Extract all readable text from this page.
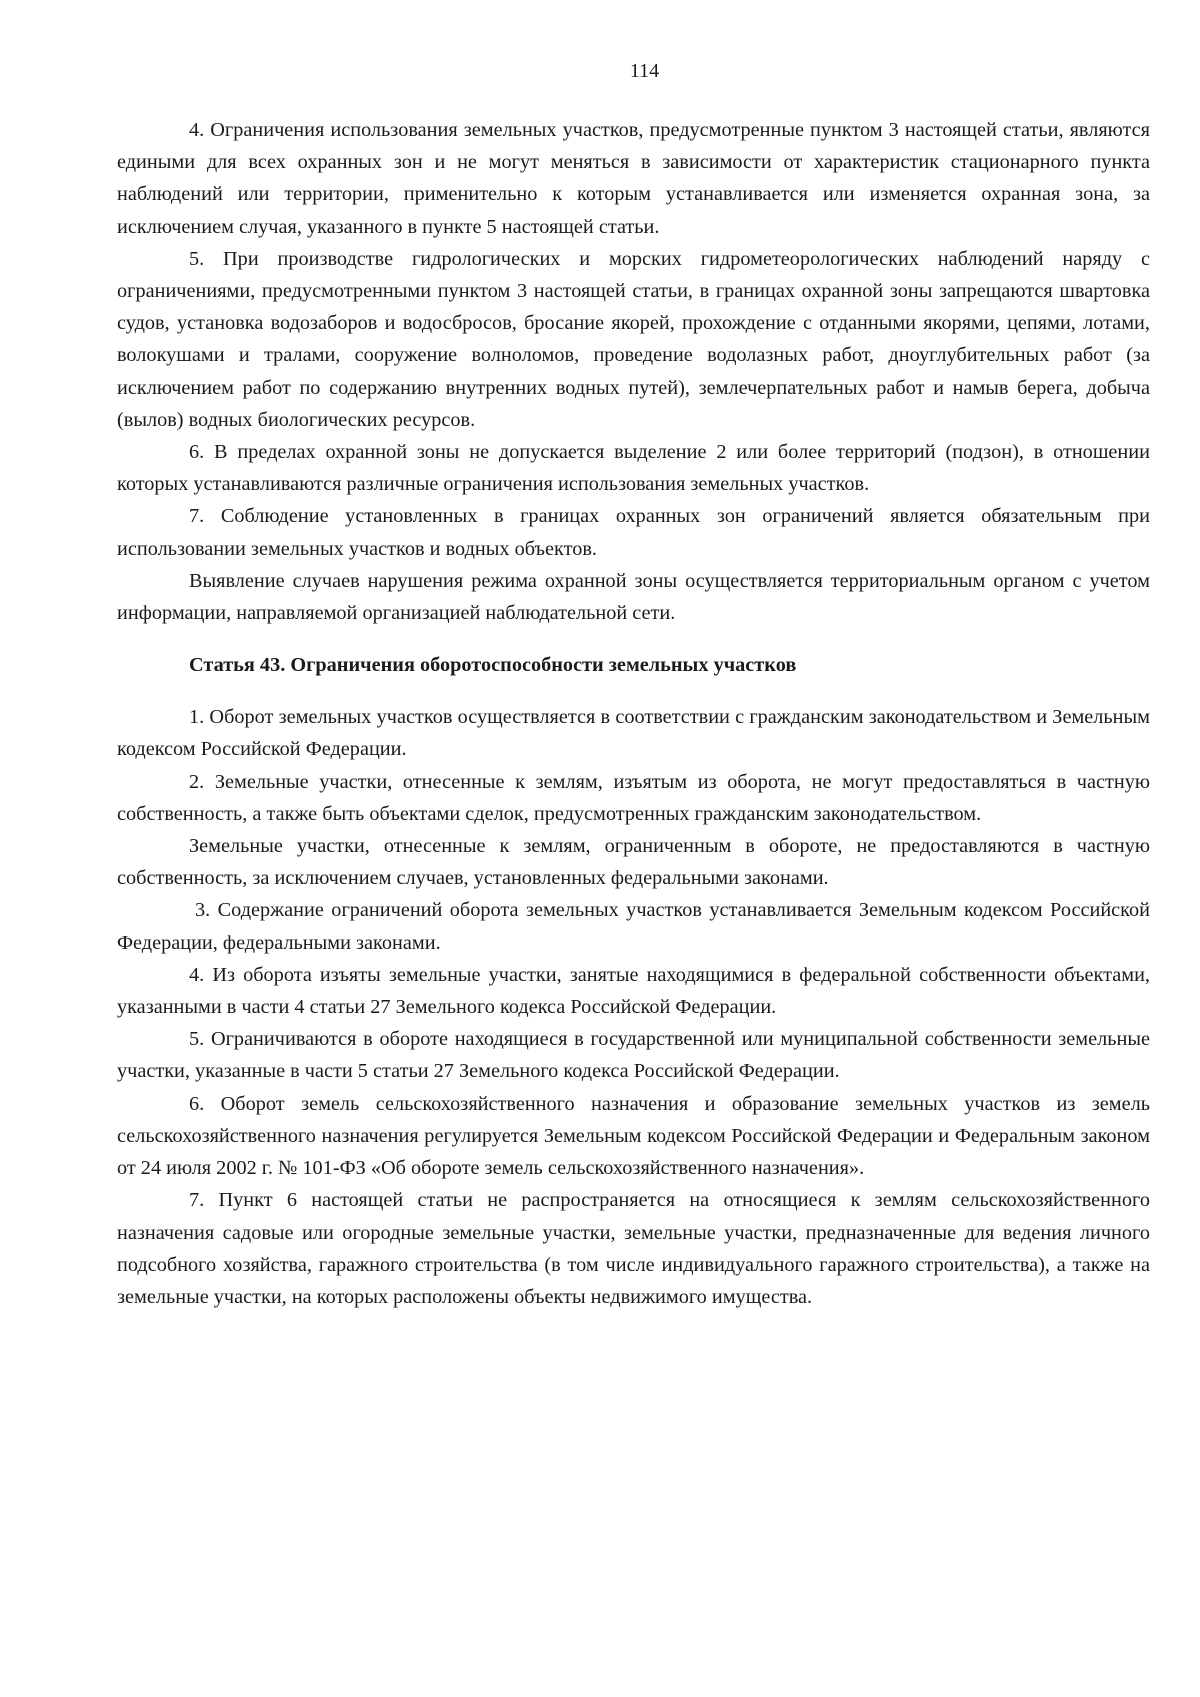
114

4. Ограничения использования земельных участков, предусмотренные пунктом 3 настоящей статьи, являются едиными для всех охранных зон и не могут меняться в зависимости от характеристик стационарного пункта наблюдений или территории, применительно к которым устанавливается или изменяется охранная зона, за исключением случая, указанного в пункте 5 настоящей статьи.

5. При производстве гидрологических и морских гидрометеорологических наблюдений наряду с ограничениями, предусмотренными пунктом 3 настоящей статьи, в границах охранной зоны запрещаются швартовка судов, установка водозаборов и водосбросов, бросание якорей, прохождение с отданными якорями, цепями, лотами, волокушами и тралами, сооружение волноломов, проведение водолазных работ, дноуглубительных работ (за исключением работ по содержанию внутренних водных путей), землечерпательных работ и намыв берега, добыча (вылов) водных биологических ресурсов.

6. В пределах охранной зоны не допускается выделение 2 или более территорий (подзон), в отношении которых устанавливаются различные ограничения использования земельных участков.

7. Соблюдение установленных в границах охранных зон ограничений является обязательным при использовании земельных участков и водных объектов.

Выявление случаев нарушения режима охранной зоны осуществляется территориальным органом с учетом информации, направляемой организацией наблюдательной сети.

Статья 43. Ограничения оборотоспособности земельных участков

1. Оборот земельных участков осуществляется в соответствии с гражданским законодательством и Земельным кодексом Российской Федерации.

2. Земельные участки, отнесенные к землям, изъятым из оборота, не могут предоставляться в частную собственность, а также быть объектами сделок, предусмотренных гражданским законодательством.

Земельные участки, отнесенные к землям, ограниченным в обороте, не предоставляются в частную собственность, за исключением случаев, установленных федеральными законами.

3. Содержание ограничений оборота земельных участков устанавливается Земельным кодексом Российской Федерации, федеральными законами.

4. Из оборота изъяты земельные участки, занятые находящимися в федеральной собственности объектами, указанными в части 4 статьи 27 Земельного кодекса Российской Федерации.

5. Ограничиваются в обороте находящиеся в государственной или муниципальной собственности земельные участки, указанные в части 5 статьи 27 Земельного кодекса Российской Федерации.

6. Оборот земель сельскохозяйственного назначения и образование земельных участков из земель сельскохозяйственного назначения регулируется Земельным кодексом Российской Федерации и Федеральным законом от 24 июля 2002 г. № 101-ФЗ «Об обороте земель сельскохозяйственного назначения».

7. Пункт 6 настоящей статьи не распространяется на относящиеся к землям сельскохозяйственного назначения садовые или огородные земельные участки, земельные участки, предназначенные для ведения личного подсобного хозяйства, гаражного строительства (в том числе индивидуального гаражного строительства), а также на земельные участки, на которых расположены объекты недвижимого имущества.
